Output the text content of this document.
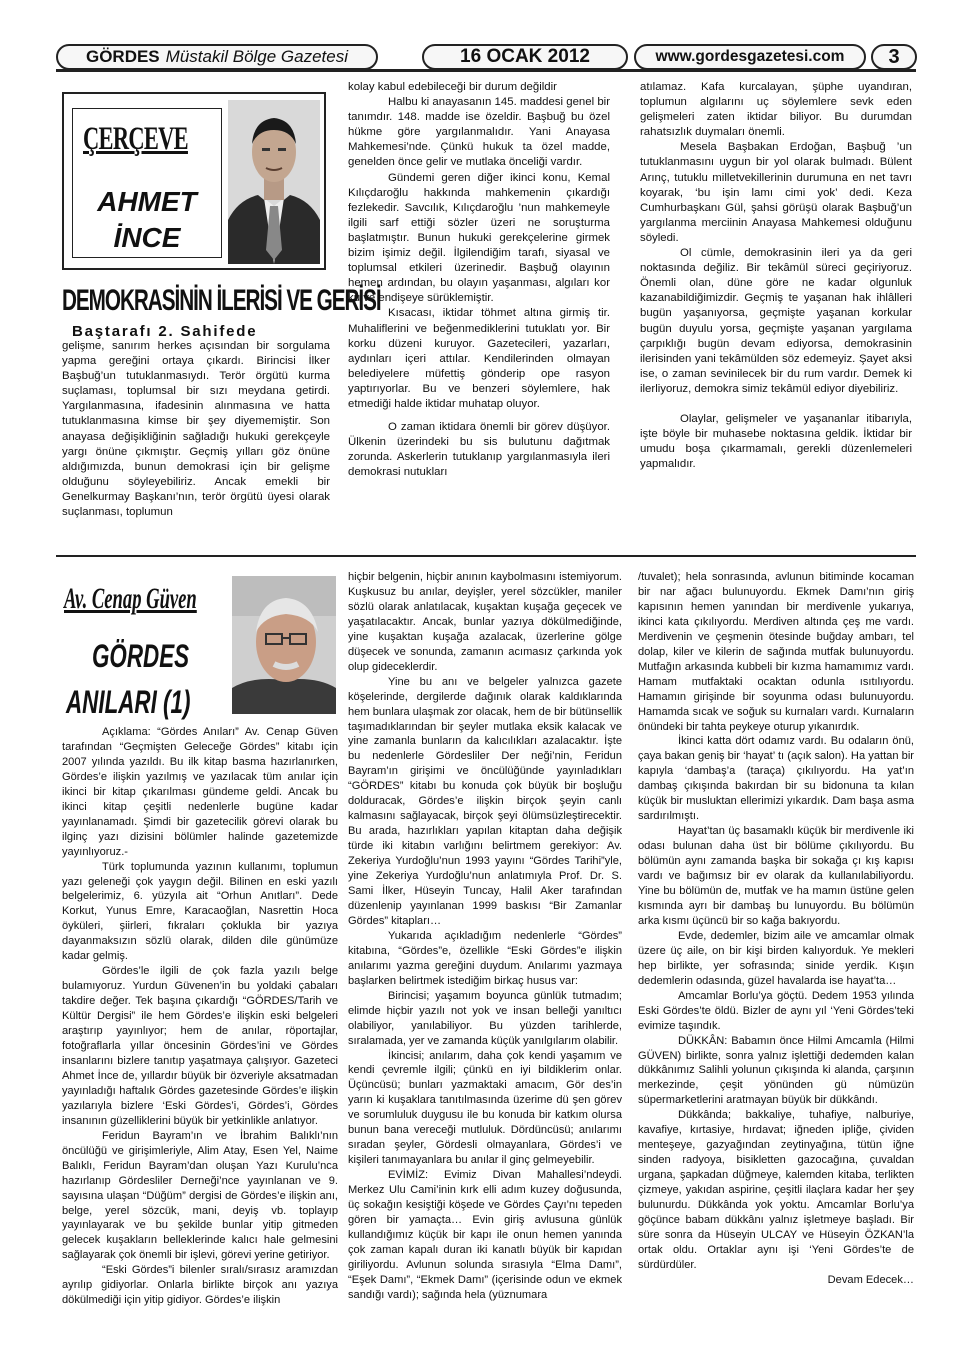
GÖRDES Müstakil Bölge Gazetesi	16 OCAK 2012	www.gordesgazetesi.com 3
ÇERÇEVE
AHMET
İNCE
DEMOKRASİNİN İLERİSİ VE GERİSİ
Baştarafı 2. Sahifede

gelişme, sanırım herkes açısından bir sorgulama yapma gereğini ortaya çıkardı. Birincisi İlker Başbuğ’un tutuklanmasıydı. Terör örgütü kurma suçlaması, toplumsal bir sızı meydana getirdi. Yargılanmasına, ifadesinin alınmasına ve hatta tutuklanmasına kimse bir şey diyememiştir. Son anayasa değişikliğinin sağladığı hukuki gerekçeyle yargı önüne çıkmıştır. Geçmiş yılları göz önüne aldığımızda, bunun demokrasi için bir gelişme olduğunu söyleyebiliriz. Ancak emekli bir Genelkurmay Başkanı’nın, terör örgütü üyesi olarak suçlanması, toplumun

kolay kabul edebileceği bir durum değildir

Halbu ki anayasanın 145. maddesi genel bir tanımdır. 148. madde ise özeldir. Başbuğ bu özel hükme göre yargılanmalıdır. Yani Anayasa Mahkemesi’nde. Çünkü hukuk ta özel madde, genelden önce gelir ve mutlaka önceliği vardır.

Gündemi geren diğer ikinci konu, Kemal Kılıçdaroğlu hakkında mahkemenin çıkardığı fezlekedir. Savcılık, Kılıçdaroğlu ’nun mahkemeyle ilgili sarf ettiği sözler üzeri ne soruşturma başlatmıştır. Bunun hukuki gerekçelerine girmek bizim işimiz değil. İlgilendiğim tarafı, siyasal ve toplumsal etkileri üzerinedir. Başbuğ olayının hemen ardından, bu olayın yaşanması, algıları kor ku ve endişeye sürüklemiştir.

Kısacası, iktidar töhmet altına girmiş tir. Muhaliflerini ve beğenmediklerini tutuklatı yor. Bir korku düzeni kuruyor. Gazetecileri, yazarları, aydınları içeri attılar. Kendilerinden olmayan belediyelere müfettiş gönderip ope rasyon yaptırıyorlar. Bu ve benzeri söylemlere, hak etmediği halde iktidar muhatap oluyor.

O zaman iktidara önemli bir görev düşüyor. Ülkenin üzerindeki bu sis bulutunu dağıtmak zorunda. Askerlerin tutuklanıp yargılanmasıyla ileri demokrasi nutukları

atılamaz. Kafa kurcalayan, şüphe uyandıran, toplumun algılarını uç söylemlere sevk eden gelişmeleri zaten iktidar biliyor. Bu durumdan rahatsızlık duymaları önemli.

Mesela Başbakan Erdoğan, Başbuğ ’un tutuklanmasını uygun bir yol olarak bulmadı. Bülent Arınç, tutuklu milletvekillerinin durumuna en net tavrı koyarak, ‘bu işin lamı cimi yok’ dedi. Keza Cumhurbaşkanı Gül, şahsi görüşü olarak Başbuğ’un yargılanma merciinin Anayasa Mahkemesi olduğunu söyledi.

Ol cümle, demokrasinin ileri ya da geri noktasında değiliz. Bir tekâmül süreci geçiriyoruz. Önemli olan, düne göre ne kadar olgunluk kazanabildiğimizdir. Geçmiş te yaşanan hak ihlâlleri bugün yaşanıyorsa, geçmişte yaşanan korkular bugün duyulu yorsa, geçmişte yaşanan yargılama çarpıklığı bugün devam ediyorsa, demokrasinin ilerisinden yani tekâmülden söz edemeyiz. Şayet aksi ise, o zaman sevinilecek bir du rum vardır. Demek ki ilerliyoruz, demokra simiz tekâmül ediyor diyebiliriz.

Olaylar, gelişmeler ve yaşananlar itibarıyla, işte böyle bir muhasebe noktasına geldik. İktidar bir umudu boşa çıkarmamalı, gerekli düzenlemeleri yapmalıdır.

Av. Cenap Güven
GÖRDES
ANILARI (1)

Açıklama: “Gördes Anıları” Av. Cenap Güven tarafından “Geçmişten Geleceğe Gördes” kitabı için 2007 yılında yazıldı. Bu ilk kitap basma hazırlanırken, Gördes’e ilişkin yazılmış ve yazılacak tüm anılar için ikinci bir kitap çıkarılması gündeme geldi. Ancak bu ikinci kitap çeşitli nedenlerle bugüne kadar yayınlanamadı. Şimdi bir gazetecilik görevi olarak bu ilginç yazı dizisini bölümler halinde gazetemizde yayınlıyoruz.-

Türk toplumunda yazının kullanımı, toplumun yazı geleneği çok yaygın değil. Bilinen en eski yazılı belgelerimiz, 6. yüzyıla ait “Orhun Anıtları”. Dede Korkut, Yunus Emre, Karacaoğlan, Nasrettin Hoca öyküleri, şiirleri, fıkraları çoklukla bir yazıya dayanmaksızın sözlü olarak, dilden dile günümüze kadar gelmiş.

Gördes’le ilgili de çok fazla yazılı belge bulamıyoruz. Yurdun Güvenen’in bu yoldaki çabaları takdire değer. Tek başına çıkardığı “GÖRDES/Tarih ve Kültür Dergisi” ile hem Gördes’e ilişkin eski belgeleri araştırıp yayınlıyor; hem de anılar, röportajlar, fotoğraflarla yıllar öncesinin Gördes’ini ve Gördes insanlarını bizlere tanıtıp yaşatmaya çalışıyor. Gazeteci Ahmet İnce de, yıllardır büyük bir özveriyle aksatmadan yayınladığı haftalık Gördes gazetesinde Gördes’e ilişkin yazılarıyla bizlere ‘Eski Gördes’i, Gördes’i, Gördes insanının güzelliklerini büyük bir yetkinlikle anlatıyor.

Feridun Bayram’ın ve İbrahim Balıklı’nın öncülüğü ve girişimleriyle, Alim Atay, Esen Yel, Naime Balıklı, Feridun Bayram’dan oluşan Yazı Kurulu’nca hazırlanıp Gördesliler Derneği’nce yayınlanan ve 9. sayısına ulaşan “Düğüm” dergisi de Gördes’e ilişkin anı, belge, yerel sözcük, mani, deyiş vb. toplayıp yayınlayarak ve bu şekilde bunlar yitip gitmeden gelecek kuşakların belleklerinde kalıcı hale gelmesini sağlayarak çok önemli bir işlevi, görevi yerine getiriyor.

“Eski Gördes”i bilenler sıralı/sırasız aramızdan ayrılıp gidiyorlar. Onlarla birlikte birçok anı yazıya dökülmediği için yitip gidiyor. Gördes’e ilişkin

hiçbir belgenin, hiçbir anının kaybolmasını istemiyorum. Kuşkusuz bu anılar, deyişler, yerel sözcükler, maniler sözlü olarak anlatılacak, kuşaktan kuşağa geçecek ve yaşatılacaktır. Ancak, bunlar yazıya dökülmediğinde, yine kuşaktan kuşağa azalacak, üzerlerine gölge düşecek ve sonunda, zamanın acımasız çarkında yok olup gideceklerdir.

Yine bu anı ve belgeler yalnızca gazete köşelerinde, dergilerde dağınık olarak kaldıklarında hem bunlara ulaşmak zor olacak, hem de bir bütünsellik taşımadıklarından bir şeyler mutlaka eksik kalacak ve yine zamanla bunların da kalıcılıkları azalacaktır. İşte bu nedenlerle Gördesliler Der neği’nin, Feridun Bayram’ın girişimi ve öncülüğünde yayınladıkları “GÖRDES” kitabı bu konuda çok büyük bir boşluğu dolduracak, Gördes’e ilişkin birçok şeyin canlı kalmasını sağlayacak, birçok şeyi ölümsüzleştirecektir. Bu arada, hazırlıkları yapılan kitaptan daha değişik türde iki kitabın varlığını belirtmem gerekiyor: Av. Zekeriya Yurdoğlu’nun 1993 yayını “Gördes Tarihi”yle, yine Zekeriya Yurdoğlu’nun anlatımıyla Prof. Dr. S. Sami İlker, Hüseyin Tuncay, Halil Aker tarafından düzenlenip yayınlanan 1999 baskısı “Bir Zamanlar Gördes” kitapları…

Yukarıda açıkladığım nedenlerle “Gördes” kitabına, “Gördes”e, özellikle “Eski Gördes”e ilişkin anılarımı yazma gereğini duydum. Anılarımı yazmaya başlarken belirtmek istediğim birkaç husus var:

Birincisi; yaşamım boyunca günlük tutmadım; elimde hiçbir yazılı not yok ve insan belleği yanıltıcı olabiliyor, yanılabiliyor. Bu yüzden tarihlerde, sıralamada, yer ve zamanda küçük yanılgılarım olabilir.

İkincisi; anılarım, daha çok kendi yaşamım ve kendi çevremle ilgili; çünkü en iyi bildiklerim onlar. Üçüncüsü; bunları yazmaktaki amacım, Gör des’in yarın ki kuşaklara tanıtılmasında üzerime dü şen görev ve sorumluluk duygusu ile bu konuda bir katkım olursa bunun bana vereceği mutluluk. Dördüncüsü; anılarımı sıradan şeyler, Gördesli olmayanlara, Gördes’i ve kişileri tanımayanlara bu anılar il ginç gelmeyebilir.

EVİMİZ: Evimiz Divan Mahallesi’ndeydi. Merkez Ulu Cami’inin kırk elli adım kuzey doğusunda, üç sokağın kesiştiği köşede ve Gördes Çayı’nı tepeden gören bir yamaçta… Evin giriş avlusuna günlük kullandığımız küçük bir kapı ile onun hemen yanında çok zaman kapalı duran iki kanatlı büyük bir kapıdan giriliyordu. Avlunun solunda sırasıyla “Elma Damı”, “Eşek Damı”, “Ekmek Damı” (içerisinde odun ve ekmek sandığı vardı); sağında hela (yüznumara

/tuvalet); hela sonrasında, avlunun bitiminde kocaman bir nar ağacı bulunuyordu. Ekmek Damı’nın giriş kapısının hemen yanından bir merdivenle yukarıya, ikinci kata çıkılıyordu. Merdiven altında çeş me vardı. Merdivenin ve çeşmenin ötesinde buğday ambarı, tel dolap, kiler ve kilerin de sağında mutfak bulunuyordu. Mutfağın arkasında kubbeli bir kızma hamamımız vardı. Hamam mutfaktaki ocaktan odunla ısıtılıyordu. Hamamın girişinde bir soyunma odası bulunuyordu. Hamamda sıcak ve soğuk su kurnaları vardı. Kurnaların önündeki bir tahta peykeye oturup yıkanırdık.

İkinci katta dört odamız vardı. Bu odaların önü, çaya bakan geniş bir ‘hayat’ tı (açık salon). Ha yattan bir kapıyla ‘dambaş’a (taraça) çıkılıyordu. Ha yat’ın dambaş çıkışında bakırdan bir su bidonuna ta kılan küçük bir musluktan ellerimizi yıkardık. Dam başa asma sardırılmıştı.

Hayat’tan üç basamaklı küçük bir merdivenle iki odası bulunan daha üst bir bölüme çıkılıyordu. Bu bölümün aynı zamanda başka bir sokağa çı kış kapısı vardı ve bağımsız bir ev olarak da kullanılabiliyordu. Yine bu bölümün de, mutfak ve ha mamın üstüne gelen kısmında ayrı bir dambaş bu lunuyordu. Bu bölümün arka kısmı üçüncü bir so kağa bakıyordu.

Evde, dedemler, bizim aile ve amcamlar olmak üzere üç aile, on bir kişi birden kalıyorduk. Ye mekleri hep birlikte, yer sofrasında; sinide yerdik. Kışın dedemlerin odasında, güzel havalarda ise hayat’ta…

Amcamlar Borlu’ya göçtü. Dedem 1953 yılında Eski Gördes’te öldü. Bizler de aynı yıl ‘Yeni Gördes’teki evimize taşındık.

DÜKKÂN: Babamın öncе Hilmi Amcamla (Hilmi GÜVEN) birlikte, sonra yalnız işlettiği dedemden kalan dükkânımız Salihli yolunun çıkışında ki alanda, çarşının merkezinde, çeşit yönünden gü nümüzün süpermarketlerini aratmayan büyük bir dükkândı.

Dükkânda; bakkaliye, tuhafiye, nalburiye, kavafiye, kırtasiye, hırdavat; iğneden ipliğe, çividen menteşeye, gazyağından zeytinyağına, tütün iğne sinden radyoya, bisikletten gazocağına, çuvaldan urgana, şapkadan düğmeye, kalemden kitaba, terlikten çizmeye, yakıdan aspirine, çeşitli ilaçlara kadar her şey bulunurdu. Dükkânda yok yoktu. Amcamlar Borlu’ya göçünce babam dükkânı yalnız işletmeye başladı. Bir süre sonra da Hüseyin ULCAY ve Hüseyin ÖZKAN’la ortak oldu. Ortaklar aynı işi ‘Yeni Gördes’te de sürdürdüler.

Devam Edecek…
